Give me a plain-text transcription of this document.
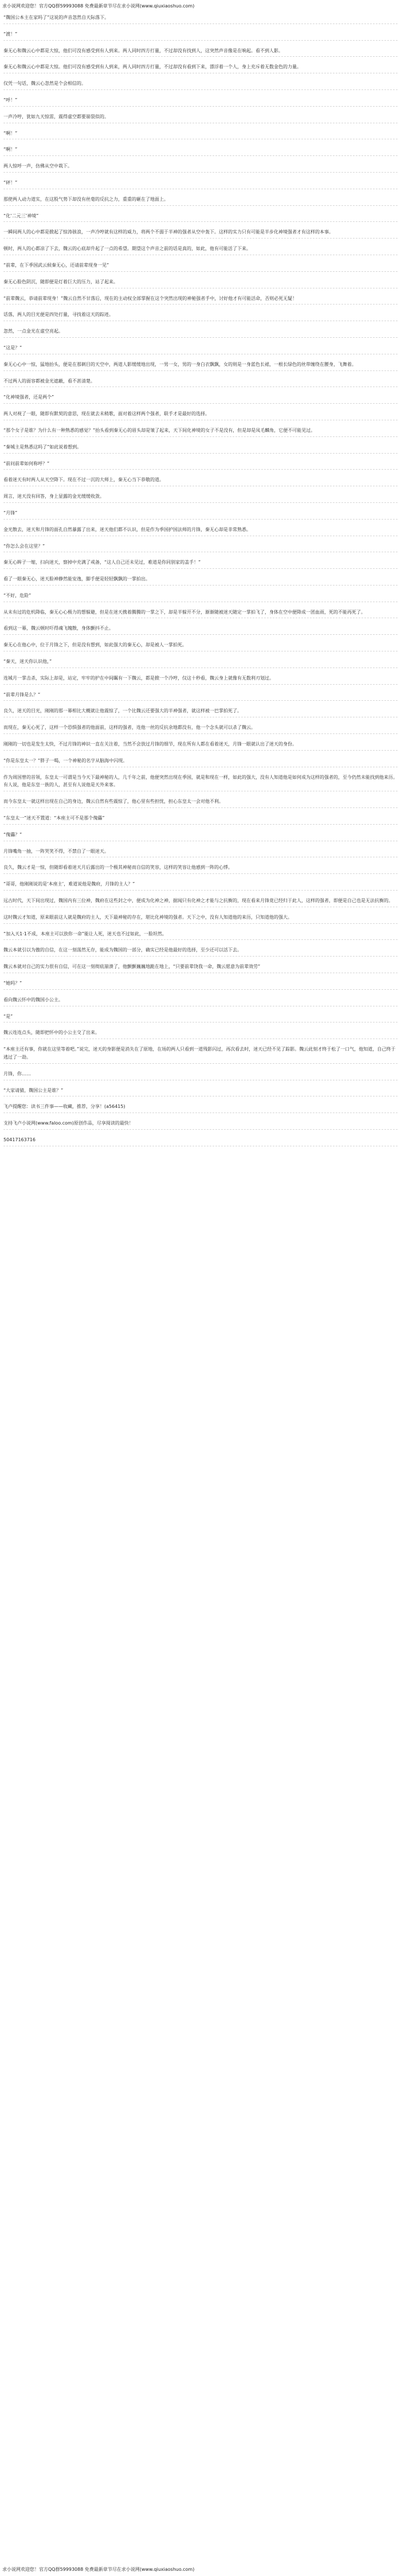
求小说网欢迎您！官方QQ群59993088 免费最新章节尽在求小说网(www.qiuxiaoshuo.com)

“魏国公本主在家吗了”这说的声音忽然自天际落下。

“渡！”

秦无心和魏云心中都是大惊，他们可没有感受到有人到来。两人同时四方打量，不过却没有找到人，这突然声音像是在响起。看不到人影。

秦无心和魏云心中都是大惊。他们可没有感受到有人到来，两人同时四方打量，不过却没有看到下来，漂浮着一个人，身上充斥着无数金色的力量。

仅凭一句话，魏云心忽然是个会相信的。

“呼！”

一声冷哼，犹如九天惊雷，震得虚空都要崩裂似的。

“啊！”

“啊！”

两人惊呼一声，仿佛从空中栽下。

“砰！”

那使两人动力道实，在这股气势下却没有丝毫的反抗之力，重重的砸在了地面上。

“化‘二元三’神境”

一瞬间两人的心中都是掀起了惊涛骇浪，一声冷哼就有这样的威力，将两个不弱于半神的强者从空中轰下。这样的实力只有可能是半步化神境强者才有这样的本事。

顿时，两人的心都凉了下去，魏云的心底却升起了一点的希望。期望这个声音之前的话是真的，如此，他有可能活了下来。

“前辈，在下季国武云候秦无心，还请前辈现身一见”

秦无心脸色阴沉，随即便是灯着巨大的压力，站了起来。

“前辈魏云，恭请前辈现身！”魏云自然不甘落后，现在的主动权全部掌握在这个突然出现的神秘强者手中，讨好他才有可能活命，否则必死无疑！

话落，两人的目光便是四处打量，寻找着这天的踪迹。

忽然，一点金光在虚空亮起。

“这是？”

秦无心心中一惊，猛地抬头，便是在那刺目的天空中，两道人影缓缓地出现，一男一女，男的一身白衣飘飘，女的则是一身蓝色长裙，一根长绿色的丝带缠绕在腰身，飞舞着。

不过两人的面容都被金光遮蔽，看不甚清楚。

“化神境强者，还是两个”

两人对视了一眼，随即有默契的意思，现在就去未稍歌，面对着这样两个强者，联手才是最好的选择。

“那个女子是谁？为什么有一种熟悉的感觉？”抬头看到秦无心的眉头却是皱了起来，天下间化神境的女子不是没有，但是却是凤毛麟角，它便不可能见过。

“秦城主是熟悉这吗了”如此说着想到。

“前问前辈如何称呼？”

看着迷天有时两人从天空降下。现在不过一沉的大师上，秦无心当下恭敬的道。

周言，迷天没有回答，身上显露的金光缓缓收敛。

“月锋”

金光散去，迷天和月锋的面孔自然暴露了出来，迷天他们都不认识，但是作为季国护国法师的月锋，秦无心却是非常熟悉。

“你怎么会在这里？”

秦无心眸子一缩，扫向迷天，察掉中充满了戒备，“这人自己还未见过，难道是你同别家的盖手！”

看了一眼秦无心，迷天脸神静然能安逸，脚手便是轻轻飘飘的一掌拍出。

“不好，危险”

从未有过的危机降临，秦无心心极力的想躲避，但是在迷天携着腾腾的一掌之下，却是半躲开不分，渐渐随被迷天随定一掌拍飞了，身体在空中便降成一团血雨，死的不能再死了。

看到这一幕，魏云顿时吓得魂飞魄散，身体颤抖不止。

秦无心在他心中，位于月锋之下，但是没有想到，如此强大的秦无心，却是被人一掌拍死。

“秦天，迷天你认识他，”

连城月一掌击杀，实际上却是，站定，牢牢的护在中间瞩有一下魏云，都是掀一个冷哼，仅这十秒看，魏云身上就像有无数利刃划过。

“前辈月锋是么？”

良久，迷天的目光，刚刚的那一幕相比大概就让他震惊了，一个比魏云还要强大的半神强者，就这样被一巴掌拍死了。

而现在，秦无心死了，这样一个恐惧强者的他面前，这样的强者，连他一丝的反抗余地都没有，他一个念头就可以杀了魏云。

刚刚的一切也是发生太快，不过月锋的神识一直在关注着，当然不会放过月锋的细节，现在所有人都在看着迷天，月锋一眼就认出了迷天的身份。

“你是东皇太一？”胖子一喝，一个神秘的名字从脑海中闪现。

作为周国曾的首领，东皇太一可谓是当今天下最神秘的人，几千年之前，他便突然出现在季国，就是和现在一样，如此的强大，没有人知道他是如何成为这样的强者的，至今仍然未能找到他来历。有人说，他是东皇一族的人，甚至有人说他是天外来客。

而今东皇太一就这样出现在自己的身边，魏云自然有些震惊了，他心里有些担忧，担心东皇太一会对他不利。

“东皇太一”迷天不置道：“本座主可不是那个傀儡”

“傀儡？”

月锋嘴角一抽，一阵哭笑不得，不禁自了一眼迷天。

良久，魏云才是一惊，但随即看着迷天月后露出的一个极其神秘而自信的笑容，这样的笑容让他感到一阵的心悸。

“哥哥，他刚刚说的是‘本座主’，难道说他是魏府，月锋的主人？”

远古时代，天下间出现过，魏国内有三位神，魏府在这些封之中，便成为化神之神，据闻只有化神之才能与之抗衡的，现在看来月锋竟已经归于此人，这样的强者，即便是自己也是无法抗衡的。

这时魏云才知道，原来眼前这人就是魏府的主人，天下最神秘的存在，堪比化神境的强者。天下之中，没有人知道他的来历，只知道他的强大。

“加入天1·1不成，本座主可以放你一命”能让人死，迷天也不过如此，一脸坦然。

魏云本就引以为傲的自信，在这一刻荡然无存，能成为魏国的一部分，确实已经是他最好的选择，至少还可以活下去。

魏云本就对自己的实力很有自信，可在这一刻彻底崩溃了，他颤颤巍巍地跪在地上，“只要前辈饶我一命，魏云愿意为前辈效劳”

“她吗？”

看向魏云怀中的魏国小公主。

“是”

魏云连连点头，随即把怀中的小公主交了出来。

“本座主还有事，你就在这里等着吧。”说完，迷天的身影便是消失在了原地，在场的两人只看到一道残影闪过，再次看去时，迷天已经不见了踪影。魏云此刻才终于松了一口气，他知道，自己终于逃过了一劫。

月锋，你……

“大家请猜，魏国公主是谁？”

飞卢提醒您：读书三件事——收藏，推荐，分享！(a56415)

支持飞卢小说网(www.faloo.com)原创作品，尽享阅读的最快！

50417163716

求小说网欢迎您！官方QQ群59993088 免费最新章节尽在求小说网(www.qiuxiaoshuo.com)
